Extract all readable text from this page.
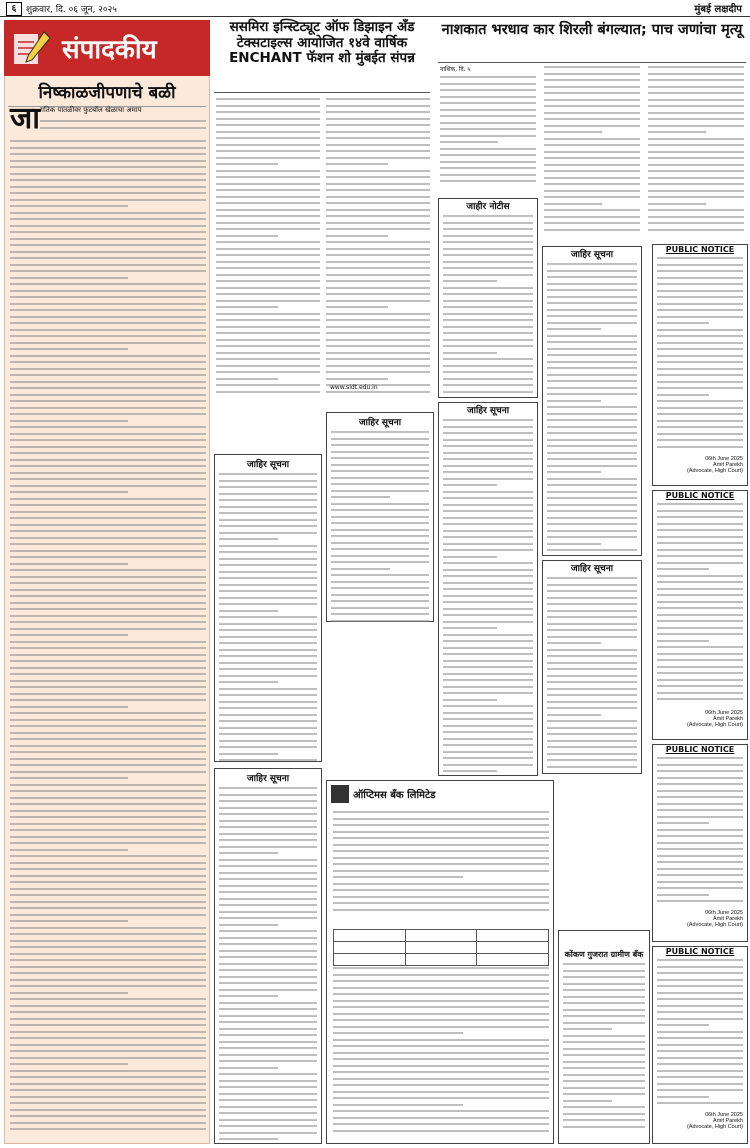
६	शुक्रवार, दि. ०६ जून, २०२५	मुंबई लक्षदीप
संपादकीय
निष्काळजीपणाचे बळी
जा गतिक पातळीवर फुटबॉल खेळाचा अमाप
ससमिरा इन्स्टिट्यूट ऑफ डिझाइन अँड टेक्सटाइल्स आयोजित १४वे वार्षिक ENCHANT फॅशन शो मुंबईत संपन्न
www.sidt.edu.in
जाहिर सूचना
जाहिर सूचना
जाहिर सूचना
ऑप्टिमस बँक लिमिटेड

नाशकात भरधाव कार शिरली बंगल्यात; पाच जणांचा मृत्यू
नाशिक, दि. ५
जाहीर नोटीस
जाहिर सूचना
जाहिर सूचना
जाहिर सूचना
कोंकण गुजरात ग्रामीण बँक
PUBLIC NOTICE
06th June 2025
Amit Parekh
(Advocate, High Court)
PUBLIC NOTICE
06th June 2025
Amit Parekh
(Advocate, High Court)
PUBLIC NOTICE
06th June 2025
Amit Parekh
(Advocate, High Court)
PUBLIC NOTICE
06th June 2025
Amit Parekh
(Advocate, High Court)
